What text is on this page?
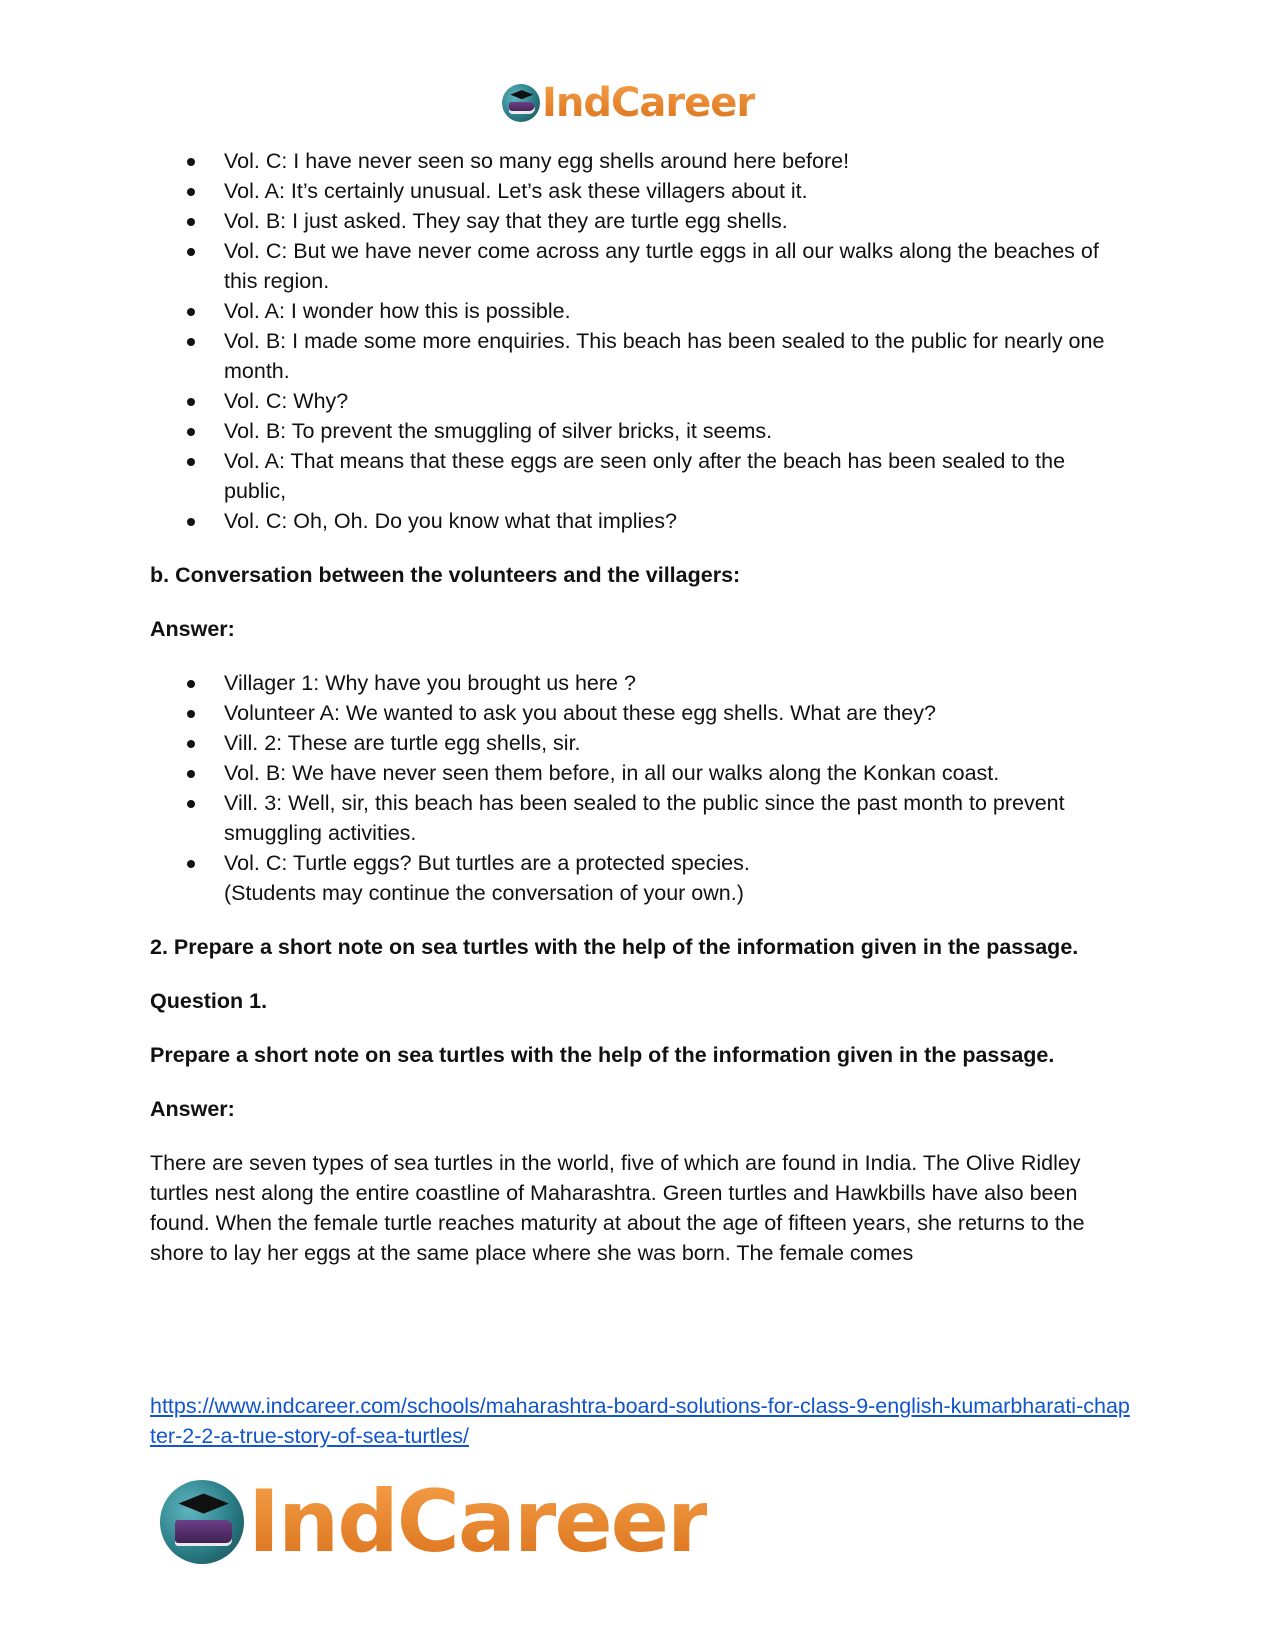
IndCareer
Vol. C: I have never seen so many egg shells around here before!
Vol. A: It’s certainly unusual. Let’s ask these villagers about it.
Vol. B: I just asked. They say that they are turtle egg shells.
Vol. C: But we have never come across any turtle eggs in all our walks along the beaches of this region.
Vol. A: I wonder how this is possible.
Vol. B: I made some more enquiries. This beach has been sealed to the public for nearly one month.
Vol. C: Why?
Vol. B: To prevent the smuggling of silver bricks, it seems.
Vol. A: That means that these eggs are seen only after the beach has been sealed to the public,
Vol. C: Oh, Oh. Do you know what that implies?

b. Conversation between the volunteers and the villagers:

Answer:

Villager 1: Why have you brought us here ?
Volunteer A: We wanted to ask you about these egg shells. What are they?
Vill. 2: These are turtle egg shells, sir.
Vol. B: We have never seen them before, in all our walks along the Konkan coast.
Vill. 3: Well, sir, this beach has been sealed to the public since the past month to prevent smuggling activities.
Vol. C: Turtle eggs? But turtles are a protected species.
(Students may continue the conversation of your own.)

2. Prepare a short note on sea turtles with the help of the information given in the passage.

Question 1.

Prepare a short note on sea turtles with the help of the information given in the passage.

Answer:

There are seven types of sea turtles in the world, five of which are found in India. The Olive Ridley turtles nest along the entire coastline of Maharashtra. Green turtles and Hawkbills have also been found. When the female turtle reaches maturity at about the age of fifteen years, she returns to the shore to lay her eggs at the same place where she was born. The female comes

https://www.indcareer.com/schools/maharashtra-board-solutions-for-class-9-english-kumarbharati-chapter-2-2-a-true-story-of-sea-turtles/
IndCareer
